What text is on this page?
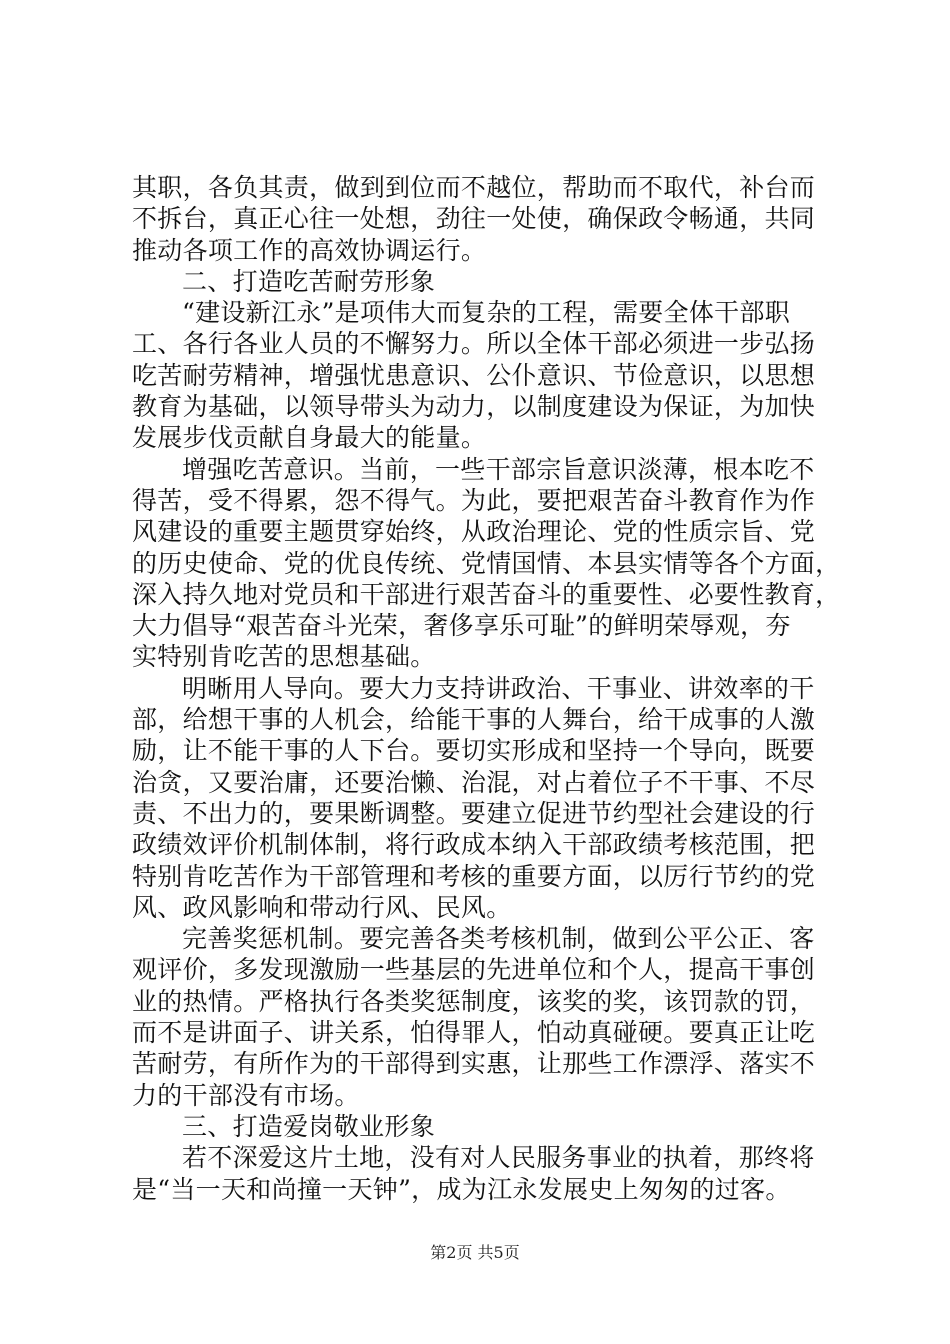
其职，各负其责，做到到位而不越位，帮助而不取代，补台而
不拆台，真正心往一处想，劲往一处使，确保政令畅通，共同
推动各项工作的高效协调运行。
二、打造吃苦耐劳形象
“建设新江永”是项伟大而复杂的工程，需要全体干部职
工、各行各业人员的不懈努力。所以全体干部必须进一步弘扬
吃苦耐劳精神，增强忧患意识、公仆意识、节俭意识，以思想
教育为基础，以领导带头为动力，以制度建设为保证，为加快
发展步伐贡献自身最大的能量。
增强吃苦意识。当前，一些干部宗旨意识淡薄，根本吃不
得苦，受不得累，怨不得气。为此，要把艰苦奋斗教育作为作
风建设的重要主题贯穿始终，从政治理论、党的性质宗旨、党
的历史使命、党的优良传统、党情国情、本县实情等各个方面，
深入持久地对党员和干部进行艰苦奋斗的重要性、必要性教育，
大力倡导“艰苦奋斗光荣，奢侈享乐可耻”的鲜明荣辱观，夯
实特别肯吃苦的思想基础。
明晰用人导向。要大力支持讲政治、干事业、讲效率的干
部，给想干事的人机会，给能干事的人舞台，给干成事的人激
励，让不能干事的人下台。要切实形成和坚持一个导向，既要
治贪，又要治庸，还要治懒、治混，对占着位子不干事、不尽
责、不出力的，要果断调整。要建立促进节约型社会建设的行
政绩效评价机制体制，将行政成本纳入干部政绩考核范围，把
特别肯吃苦作为干部管理和考核的重要方面，以厉行节约的党
风、政风影响和带动行风、民风。
完善奖惩机制。要完善各类考核机制，做到公平公正、客
观评价，多发现激励一些基层的先进单位和个人，提高干事创
业的热情。严格执行各类奖惩制度，该奖的奖，该罚款的罚，
而不是讲面子、讲关系，怕得罪人，怕动真碰硬。要真正让吃
苦耐劳，有所作为的干部得到实惠，让那些工作漂浮、落实不
力的干部没有市场。
三、打造爱岗敬业形象
若不深爱这片土地，没有对人民服务事业的执着，那终将
是“当一天和尚撞一天钟”，成为江永发展史上匆匆的过客。
第2页 共5页
